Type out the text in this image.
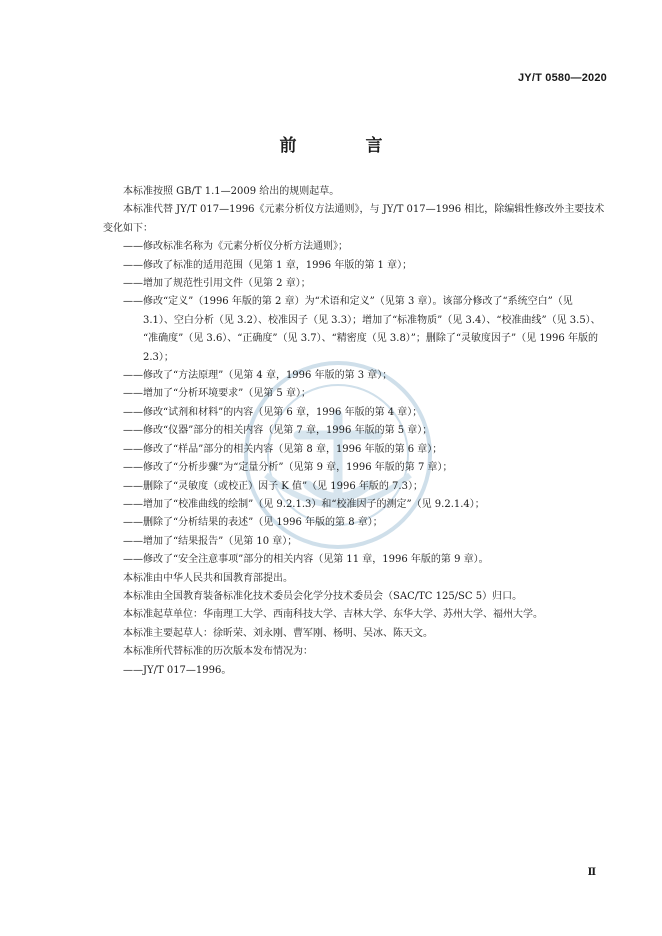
JY/T 0580—2020
前　言
本标准按照 GB/T 1.1—2009 给出的规则起草。
本标准代替 JY/T 017—1996《元素分析仪方法通则》，与 JY/T 017—1996 相比，除编辑性修改外主要技术变化如下：
——修改标准名称为《元素分析仪分析方法通则》；
——修改了标准的适用范围（见第 1 章，1996 年版的第 1 章）；
——增加了规范性引用文件（见第 2 章）；
——修改“定义”（1996 年版的第 2 章）为“术语和定义”（见第 3 章）。该部分修改了“系统空白”（见
3.1）、空白分析（见 3.2）、校准因子（见 3.3）；增加了“标准物质”（见 3.4）、“校准曲线”（见 3.5）、
“准确度”（见 3.6）、“正确度”（见 3.7）、“精密度（见 3.8）”；删除了“灵敏度因子”（见 1996 年版的
2.3）；
——修改了“方法原理”（见第 4 章，1996 年版的第 3 章）；
——增加了“分析环境要求”（见第 5 章）；
——修改“试剂和材料”的内容（见第 6 章，1996 年版的第 4 章）；
——修改“仪器”部分的相关内容（见第 7 章，1996 年版的第 5 章）；
——修改了“样品”部分的相关内容（见第 8 章，1996 年版的第 6 章）；
——修改了“分析步骤”为“定量分析”（见第 9 章，1996 年版的第 7 章）；
——删除了“灵敏度（或校正）因子 K 值”（见 1996 年版的 7.3）；
——增加了“校准曲线的绘制”（见 9.2.1.3）和“校准因子的测定”（见 9.2.1.4）；
——删除了“分析结果的表述”（见 1996 年版的第 8 章）；
——增加了“结果报告”（见第 10 章）；
——修改了“安全注意事项”部分的相关内容（见第 11 章，1996 年版的第 9 章）。
本标准由中华人民共和国教育部提出。
本标准由全国教育装备标准化技术委员会化学分技术委员会（SAC/TC 125/SC 5）归口。
本标准起草单位：华南理工大学、西南科技大学、吉林大学、东华大学、苏州大学、福州大学。
本标准主要起草人：徐昕荣、刘永刚、曹军刚、杨明、吴冰、陈天文。
本标准所代替标准的历次版本发布情况为：
——JY/T 017—1996。
Ⅱ
